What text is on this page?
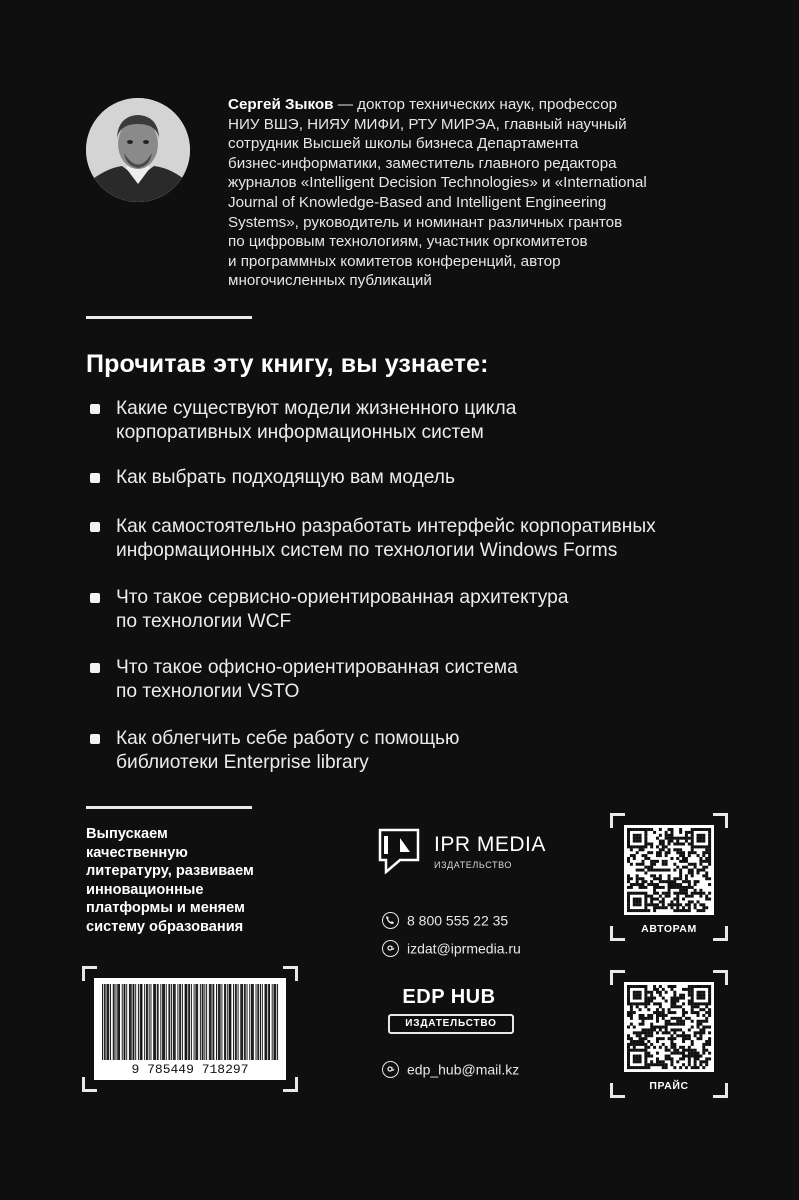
Сергей Зыков — доктор технических наук, профессор
НИУ ВШЭ, НИЯУ МИФИ, РТУ МИРЭА, главный научный
сотрудник Высшей школы бизнеса Департамента
бизнес-информатики, заместитель главного редактора
журналов «Intelligent Decision Technologies» и «International
Journal of Knowledge-Based and Intelligent Engineering
Systems», руководитель и номинант различных грантов
по цифровым технологиям, участник оргкомитетов
и программных комитетов конференций, автор
многочисленных публикаций
Прочитав эту книгу, вы узнаете:
Какие существуют модели жизненного цикла
корпоративных информационных систем
Как выбрать подходящую вам модель
Как самостоятельно разработать интерфейс корпоративных
информационных систем по технологии Windows Forms
Что такое сервисно-ориентированная архитектура
по технологии WCF
Что такое офисно-ориентированная система
по технологии VSTO
Как облегчить себе работу с помощью
библиотеки Enterprise library
Выпускаем
качественную
литературу, развиваем
инновационные
платформы и меняем
систему образования
9 785449 718297
IPR MEDIA
ИЗДАТЕЛЬСТВО
8 800 555 22 35
izdat@iprmedia.ru
EDP HUB
ИЗДАТЕЛЬСТВО
edp_hub@mail.kz
АВТОРАМ
ПРАЙС
